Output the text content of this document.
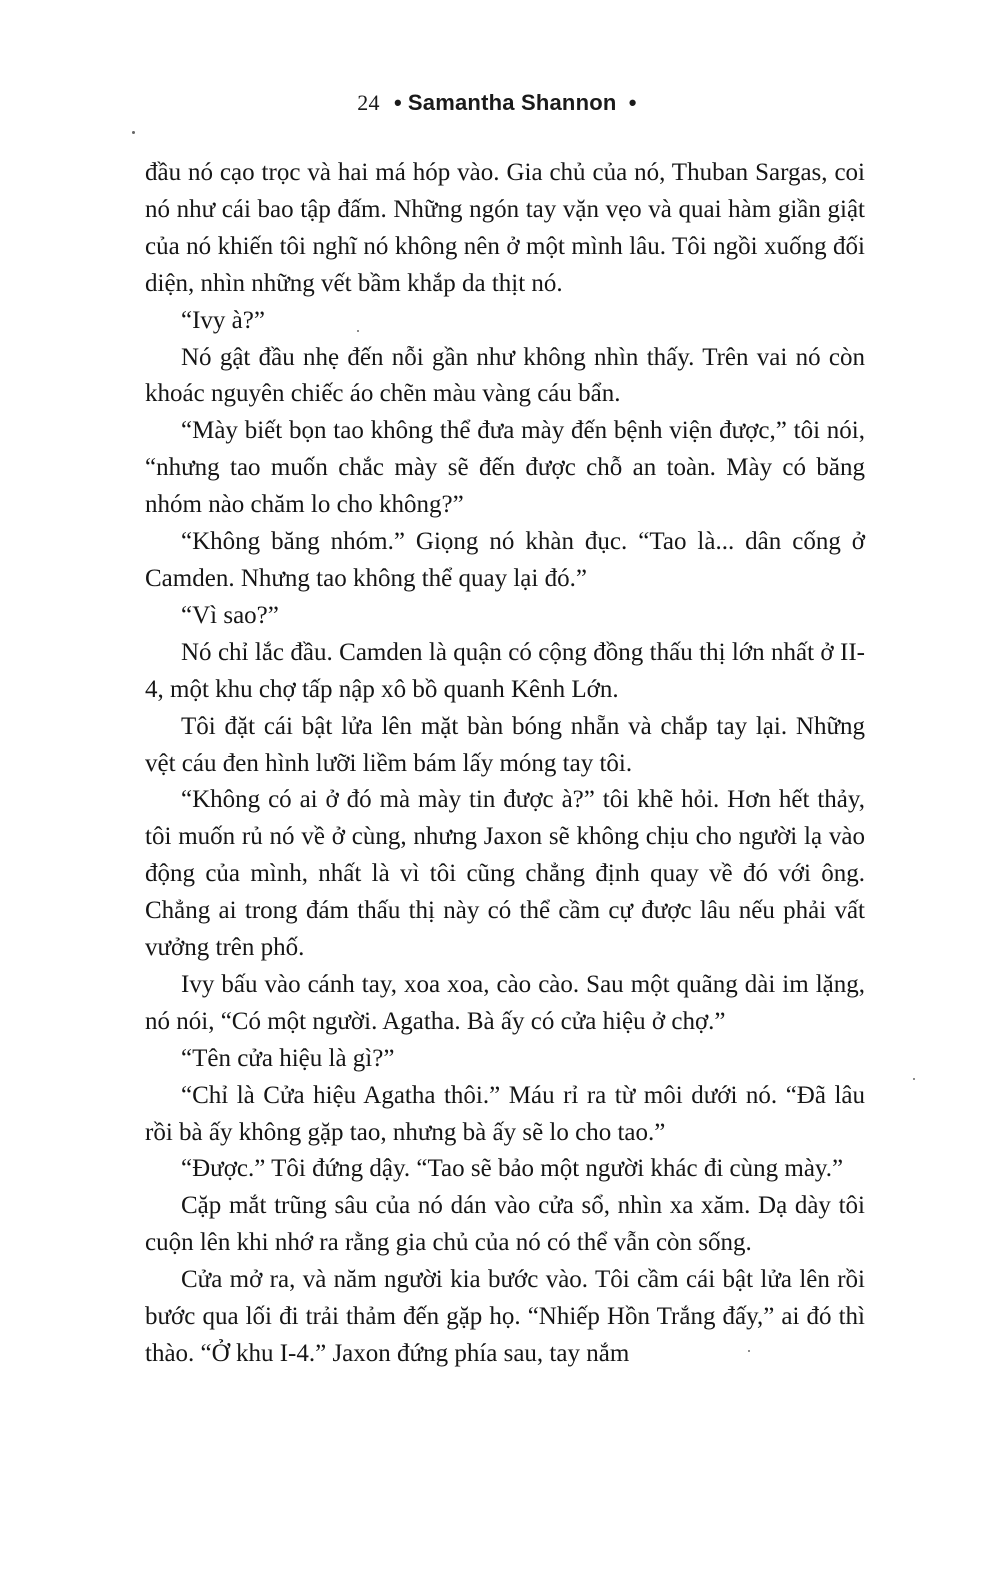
24 • Samantha Shannon •

đầu nó cạo trọc và hai má hóp vào. Gia chủ của nó, Thuban Sargas, coi nó như cái bao tập đấm. Những ngón tay vặn vẹo và quai hàm giần giật của nó khiến tôi nghĩ nó không nên ở một mình lâu. Tôi ngồi xuống đối diện, nhìn những vết bầm khắp da thịt nó.

“Ivy à?”

Nó gật đầu nhẹ đến nỗi gần như không nhìn thấy. Trên vai nó còn khoác nguyên chiếc áo chẽn màu vàng cáu bẩn.

“Mày biết bọn tao không thể đưa mày đến bệnh viện được,” tôi nói, “nhưng tao muốn chắc mày sẽ đến được chỗ an toàn. Mày có băng nhóm nào chăm lo cho không?”

“Không băng nhóm.” Giọng nó khàn đục. “Tao là... dân cống ở Camden. Nhưng tao không thể quay lại đó.”

“Vì sao?”

Nó chỉ lắc đầu. Camden là quận có cộng đồng thấu thị lớn nhất ở II-4, một khu chợ tấp nập xô bồ quanh Kênh Lớn.

Tôi đặt cái bật lửa lên mặt bàn bóng nhẵn và chắp tay lại. Những vệt cáu đen hình lưỡi liềm bám lấy móng tay tôi.

“Không có ai ở đó mà mày tin được à?” tôi khẽ hỏi. Hơn hết thảy, tôi muốn rủ nó về ở cùng, nhưng Jaxon sẽ không chịu cho người lạ vào động của mình, nhất là vì tôi cũng chẳng định quay về đó với ông. Chẳng ai trong đám thấu thị này có thể cầm cự được lâu nếu phải vất vưởng trên phố.

Ivy bấu vào cánh tay, xoa xoa, cào cào. Sau một quãng dài im lặng, nó nói, “Có một người. Agatha. Bà ấy có cửa hiệu ở chợ.”

“Tên cửa hiệu là gì?”

“Chỉ là Cửa hiệu Agatha thôi.” Máu rỉ ra từ môi dưới nó. “Đã lâu rồi bà ấy không gặp tao, nhưng bà ấy sẽ lo cho tao.”

“Được.” Tôi đứng dậy. “Tao sẽ bảo một người khác đi cùng mày.”

Cặp mắt trũng sâu của nó dán vào cửa sổ, nhìn xa xăm. Dạ dày tôi cuộn lên khi nhớ ra rằng gia chủ của nó có thể vẫn còn sống.

Cửa mở ra, và năm người kia bước vào. Tôi cầm cái bật lửa lên rồi bước qua lối đi trải thảm đến gặp họ. “Nhiếp Hồn Trắng đấy,” ai đó thì thào. “Ở khu I-4.” Jaxon đứng phía sau, tay nắm
